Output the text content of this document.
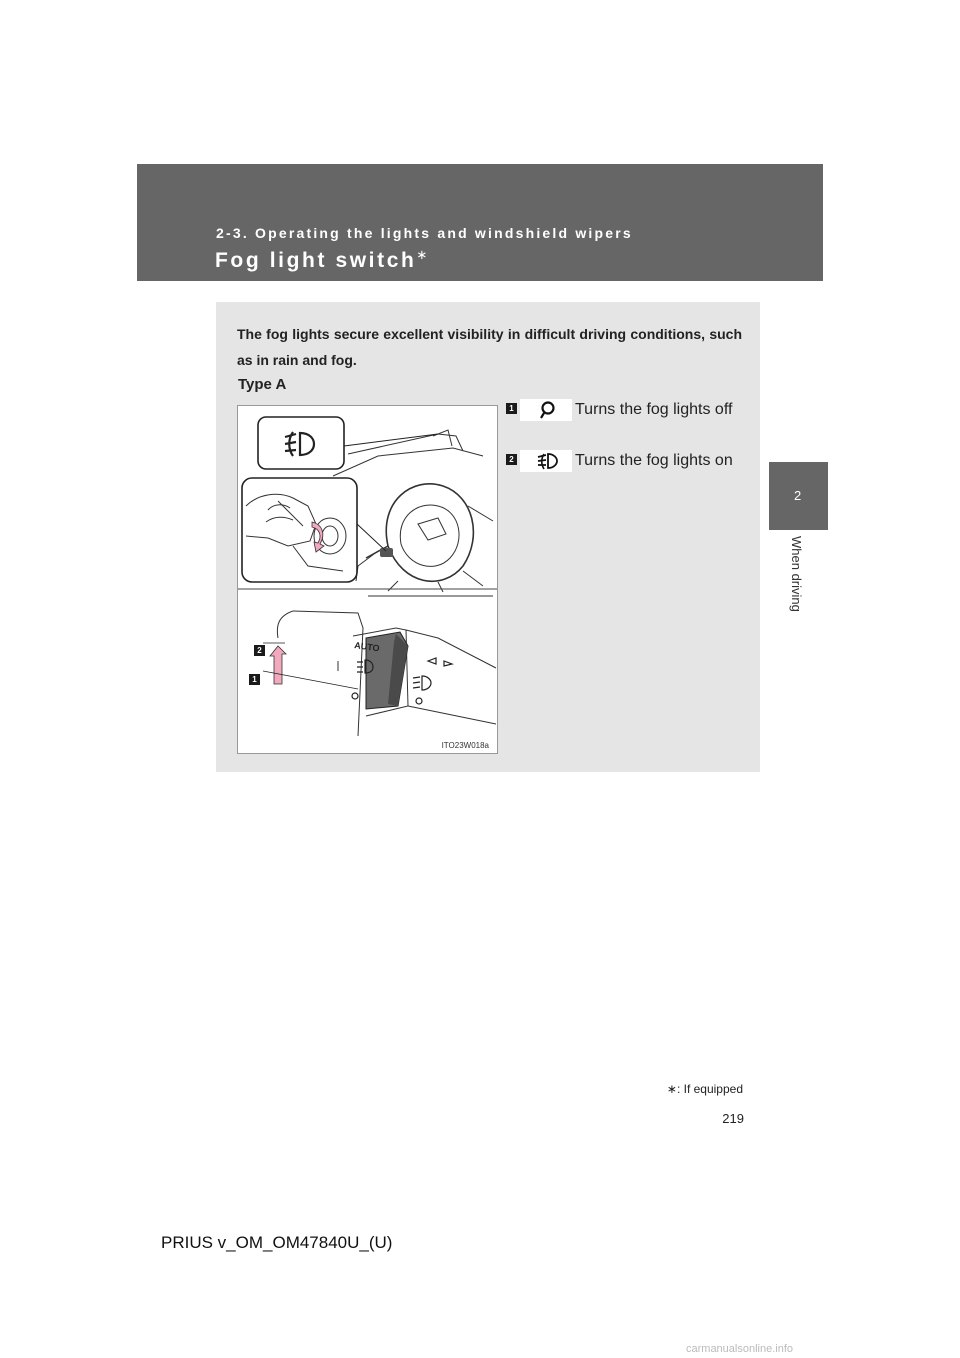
2-3. Operating the lights and windshield wipers
Fog light switch∗
2
When driving
The fog lights secure excellent visibility in difficult driving conditions, such as in rain and fog.
Type A
AUTO
2
1
ITO23W018a
1	Turns the fog lights off
2	Turns the fog lights on
∗: If equipped
219
PRIUS v_OM_OM47840U_(U)
carmanualsonline.info
